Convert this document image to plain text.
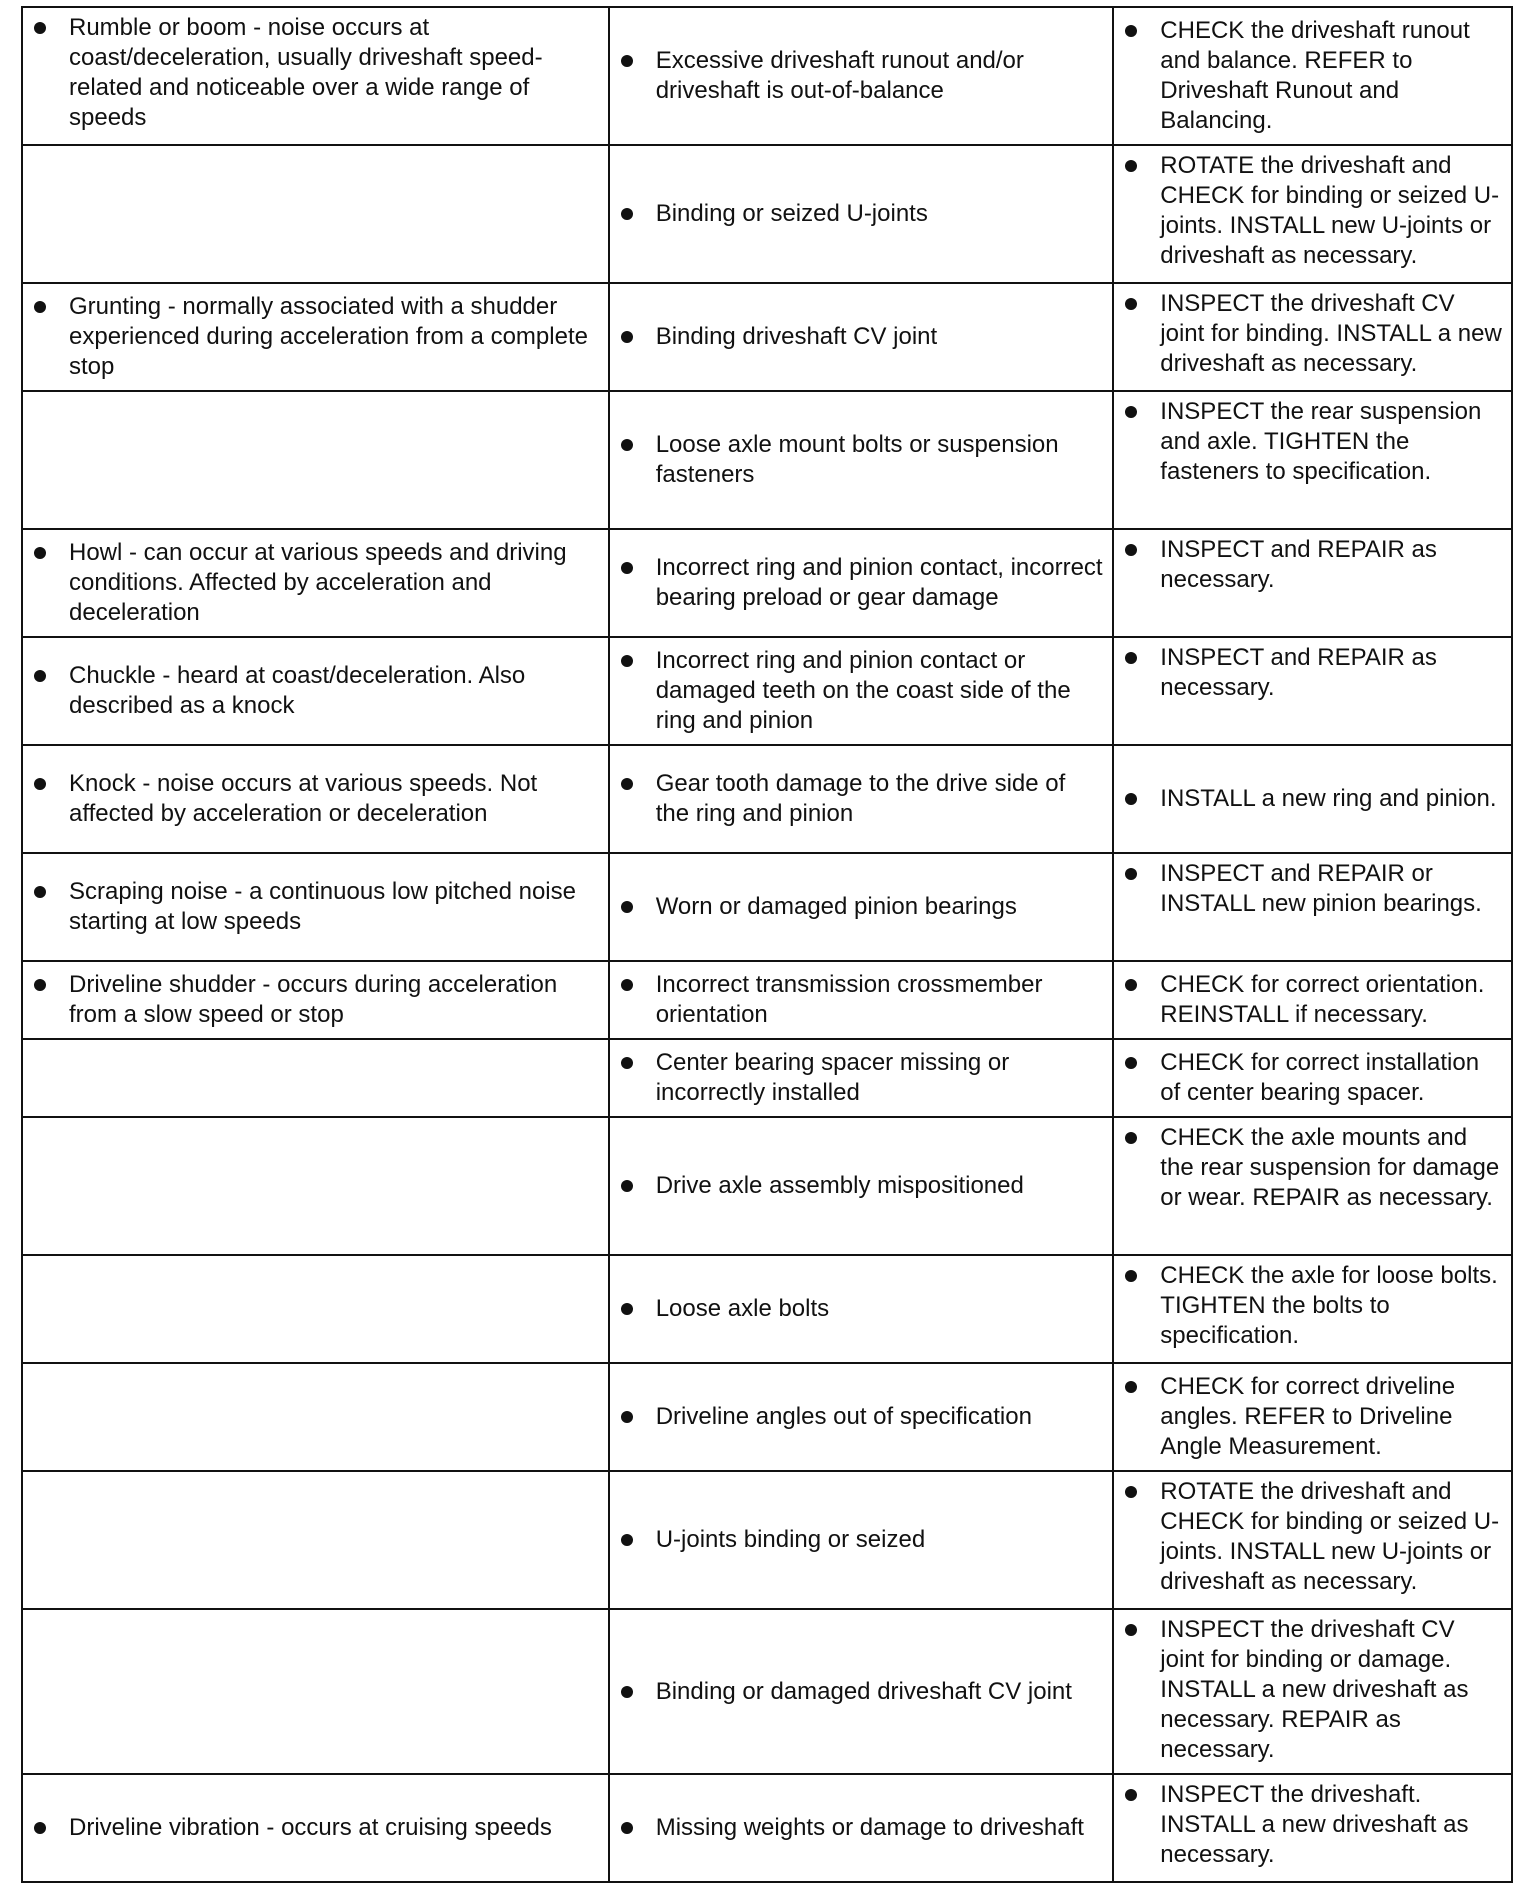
Rumble or boom - noise occurs at coast/deceleration, usually driveshaft speed-related and noticeable over a wide range of speeds	Excessive driveshaft runout and/or driveshaft is out-of-balance	CHECK the driveshaft runout and balance. REFER to Driveshaft Runout and Balancing.

	Binding or seized U-joints	ROTATE the driveshaft and CHECK for binding or seized U-joints. INSTALL new U-joints or driveshaft as necessary.

Grunting - normally associated with a shudder experienced during acceleration from a complete stop	Binding driveshaft CV joint	INSPECT the driveshaft CV joint for binding. INSTALL a new driveshaft as necessary.

	Loose axle mount bolts or suspension fasteners	INSPECT the rear suspension and axle. TIGHTEN the fasteners to specification.

Howl - can occur at various speeds and driving conditions. Affected by acceleration and deceleration	Incorrect ring and pinion contact, incorrect bearing preload or gear damage	INSPECT and REPAIR as necessary.

Chuckle - heard at coast/deceleration. Also described as a knock	Incorrect ring and pinion contact or damaged teeth on the coast side of the ring and pinion	INSPECT and REPAIR as necessary.

Knock - noise occurs at various speeds. Not affected by acceleration or deceleration	Gear tooth damage to the drive side of the ring and pinion	INSTALL a new ring and pinion.

Scraping noise - a continuous low pitched noise starting at low speeds	Worn or damaged pinion bearings	INSPECT and REPAIR or INSTALL new pinion bearings.

Driveline shudder - occurs during acceleration from a slow speed or stop	Incorrect transmission crossmember orientation	CHECK for correct orientation. REINSTALL if necessary.

	Center bearing spacer missing or incorrectly installed	CHECK for correct installation of center bearing spacer.

	Drive axle assembly mispositioned	CHECK the axle mounts and the rear suspension for damage or wear. REPAIR as necessary.

	Loose axle bolts	CHECK the axle for loose bolts. TIGHTEN the bolts to specification.

	Driveline angles out of specification	CHECK for correct driveline angles. REFER to Driveline Angle Measurement.

	U-joints binding or seized	ROTATE the driveshaft and CHECK for binding or seized U-joints. INSTALL new U-joints or driveshaft as necessary.

	Binding or damaged driveshaft CV joint	INSPECT the driveshaft CV joint for binding or damage. INSTALL a new driveshaft as necessary. REPAIR as necessary.

Driveline vibration - occurs at cruising speeds	Missing weights or damage to driveshaft	INSPECT the driveshaft. INSTALL a new driveshaft as necessary.
